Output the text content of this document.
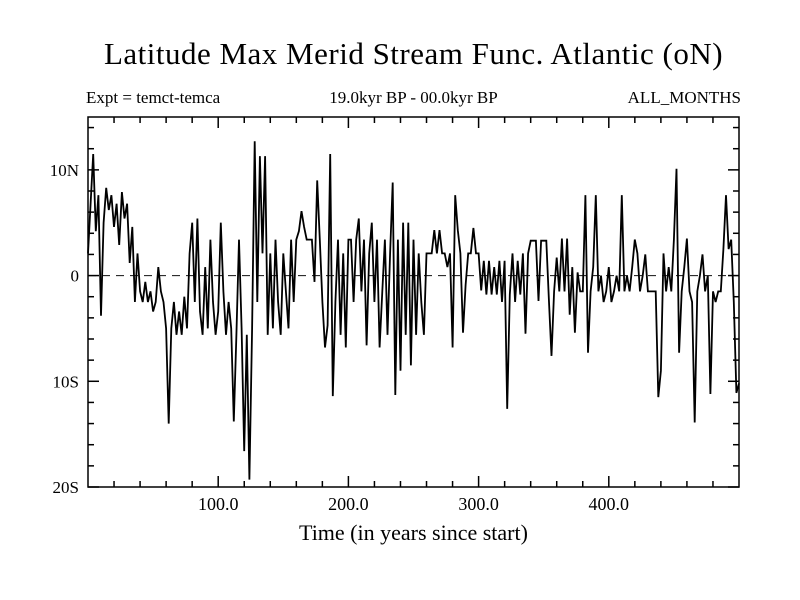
Latitude Max Merid Stream Func. Atlantic (oN)
Expt = temct-temca	19.0kyr BP - 00.0kyr BP	ALL_MONTHS
100.0	200.0	300.0	400.0
10N
0
10S
20S
Time (in years since start)
